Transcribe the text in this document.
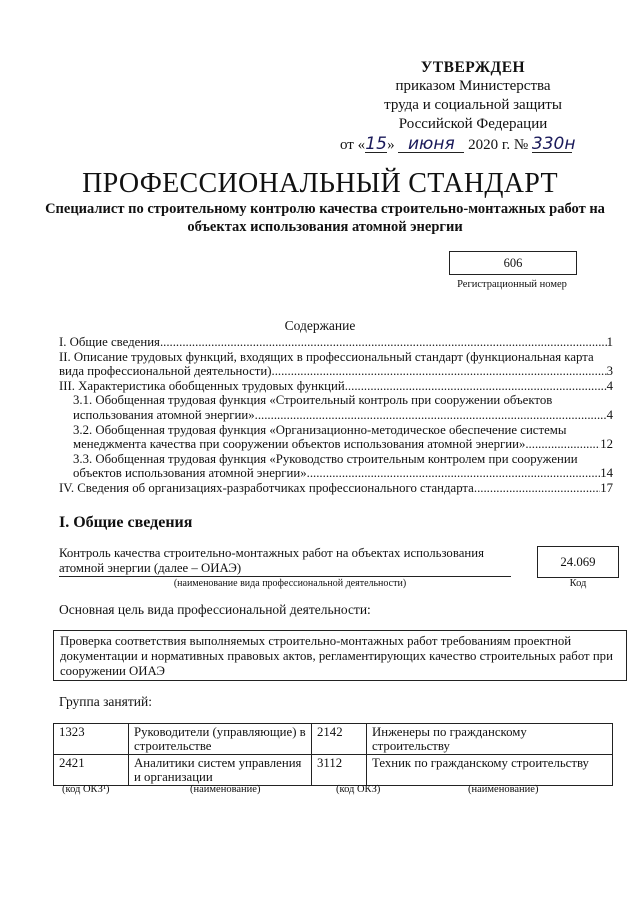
УТВЕРЖДЕН
приказом Министерства
труда и социальной защиты
Российской Федерации
от «15» июня 2020 г. № 330н
ПРОФЕССИОНАЛЬНЫЙ СТАНДАРТ
Специалист по строительному контролю качества строительно-монтажных работ на объектах использования атомной энергии
606
Регистрационный номер
Содержание
I. Общие сведения .....	1
II. Описание трудовых функций, входящих в профессиональный стандарт (функциональная карта
вида профессиональной деятельности) .....	3
III. Характеристика обобщенных трудовых функций .....	4
3.1. Обобщенная трудовая функция «Строительный контроль при сооружении объектов
использования атомной энергии» .....	4
3.2. Обобщенная трудовая функция «Организационно-методическое обеспечение системы
менеджмента качества при сооружении объектов использования атомной энергии» .....	12
3.3. Обобщенная трудовая функция «Руководство строительным контролем при сооружении
объектов использования атомной энергии» .....	14
IV. Сведения об организациях-разработчиках профессионального стандарта .....	17
I. Общие сведения
Контроль качества строительно-монтажных работ на объектах использования атомной энергии (далее – ОИАЭ)
(наименование вида профессиональной деятельности)
24.069
Код
Основная цель вида профессиональной деятельности:
Проверка соответствия выполняемых строительно-монтажных работ требованиям проектной документации и нормативных правовых актов, регламентирующих качество строительных работ при сооружении ОИАЭ
Группа занятий:
1323	Руководители (управляющие) в строительстве	2142	Инженеры по гражданскому строительству
2421	Аналитики систем управления и организации	3112	Техник по гражданскому строительству
(код ОКЗ¹)	(наименование)	(код ОКЗ)	(наименование)
